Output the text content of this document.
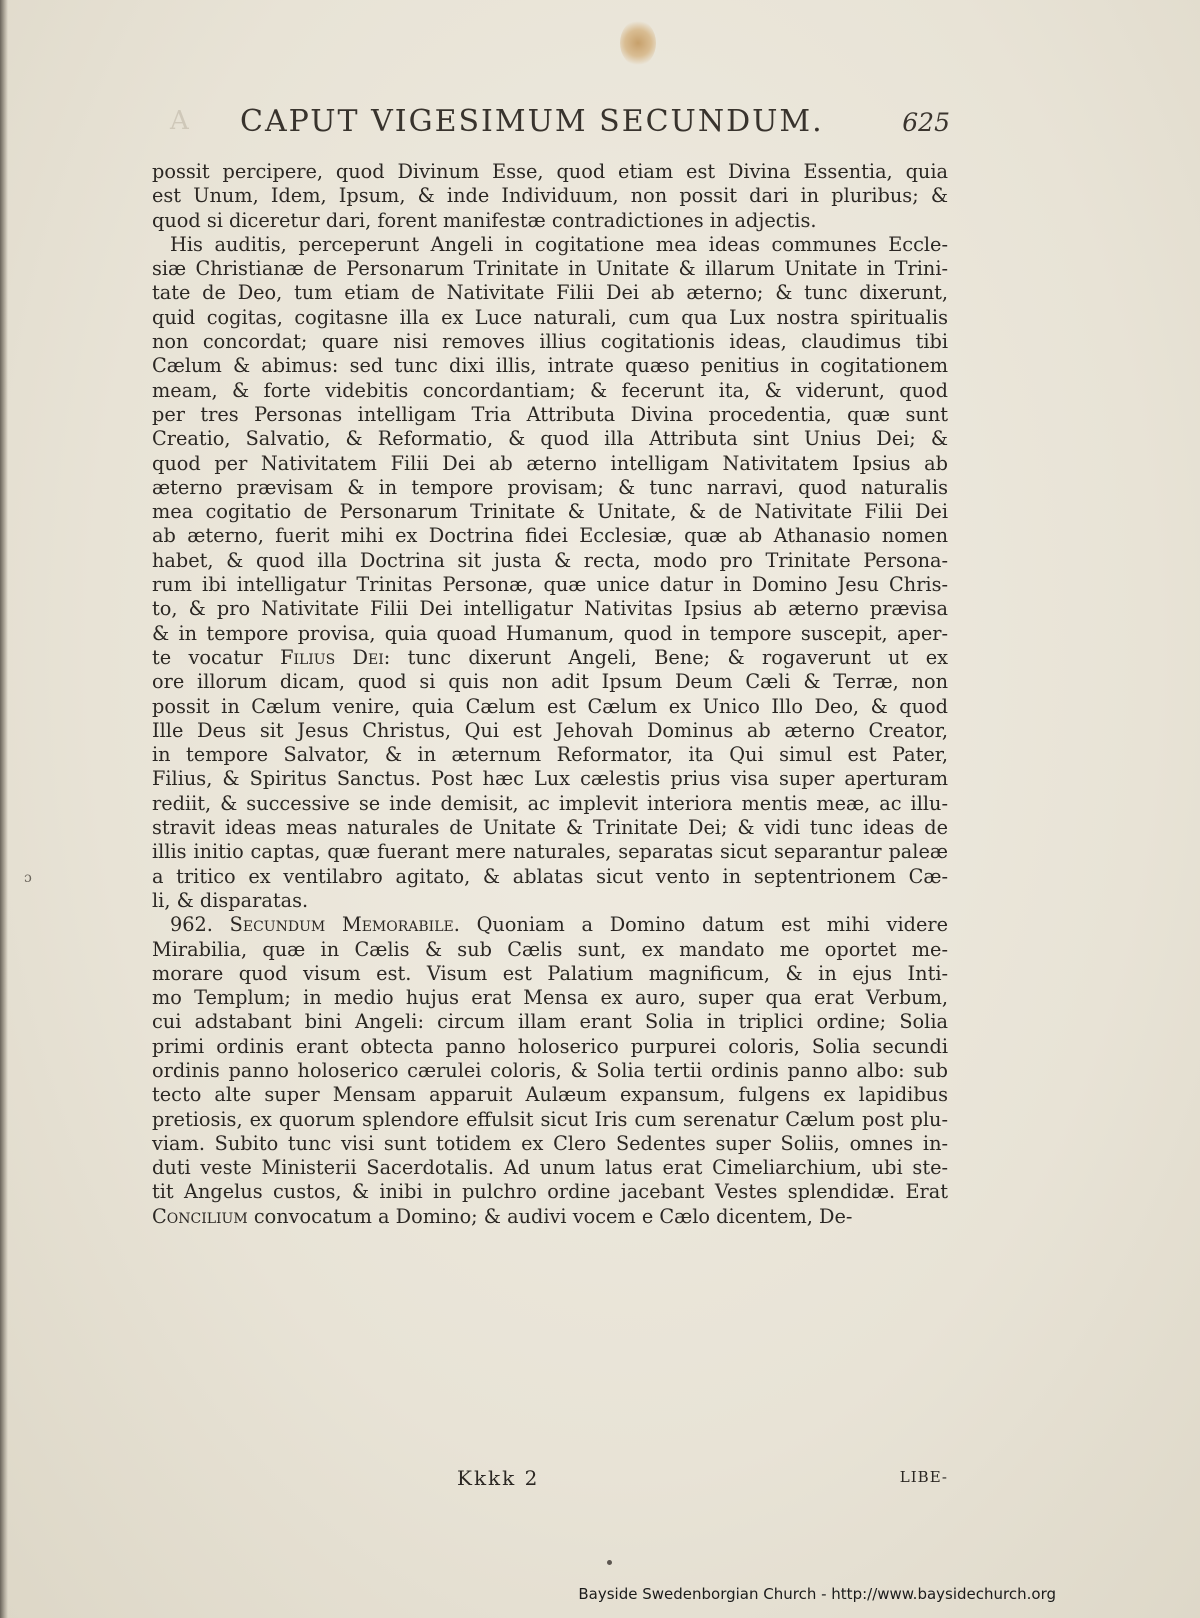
A CAPUT VIGESIMUM SECUNDUM.	625
possit percipere, quod Divinum Esse, quod etiam est Divina Essentia, quia
est Unum, Idem, Ipsum, & inde Individuum, non possit dari in pluribus; &
quod si diceretur dari, forent manifestæ contradictiones in adjectis.
His auditis, perceperunt Angeli in cogitatione mea ideas communes Eccle-
siæ Christianæ de Personarum Trinitate in Unitate & illarum Unitate in Trini-
tate de Deo, tum etiam de Nativitate Filii Dei ab æterno; & tunc dixerunt,
quid cogitas, cogitasne illa ex Luce naturali, cum qua Lux nostra spiritualis
non concordat; quare nisi removes illius cogitationis ideas, claudimus tibi
Cælum & abimus: sed tunc dixi illis, intrate quæso penitius in cogitationem
meam, & forte videbitis concordantiam; & fecerunt ita, & viderunt, quod
per tres Personas intelligam Tria Attributa Divina procedentia, quæ sunt
Creatio, Salvatio, & Reformatio, & quod illa Attributa sint Unius Dei; &
quod per Nativitatem Filii Dei ab æterno intelligam Nativitatem Ipsius ab
æterno prævisam & in tempore provisam; & tunc narravi, quod naturalis
mea cogitatio de Personarum Trinitate & Unitate, & de Nativitate Filii Dei
ab æterno, fuerit mihi ex Doctrina fidei Ecclesiæ, quæ ab Athanasio nomen
habet, & quod illa Doctrina sit justa & recta, modo pro Trinitate Persona-
rum ibi intelligatur Trinitas Personæ, quæ unice datur in Domino Jesu Chris-
to, & pro Nativitate Filii Dei intelligatur Nativitas Ipsius ab æterno prævisa
& in tempore provisa, quia quoad Humanum, quod in tempore suscepit, aper-
te vocatur Filius Dei: tunc dixerunt Angeli, Bene; & rogaverunt ut ex
ore illorum dicam, quod si quis non adit Ipsum Deum Cæli & Terræ, non
possit in Cælum venire, quia Cælum est Cælum ex Unico Illo Deo, & quod
Ille Deus sit Jesus Christus, Qui est Jehovah Dominus ab æterno Creator,
in tempore Salvator, & in æternum Reformator, ita Qui simul est Pater,
Filius, & Spiritus Sanctus. Post hæc Lux cælestis prius visa super aperturam
rediit, & successive se inde demisit, ac implevit interiora mentis meæ, ac illu-
stravit ideas meas naturales de Unitate & Trinitate Dei; & vidi tunc ideas de
illis initio captas, quæ fuerant mere naturales, separatas sicut separantur paleæ
a tritico ex ventilabro agitato, & ablatas sicut vento in septentrionem Cæ-
li, & disparatas.
962. Secundum Memorabile. Quoniam a Domino datum est mihi videre
Mirabilia, quæ in Cælis & sub Cælis sunt, ex mandato me oportet me-
morare quod visum est. Visum est Palatium magnificum, & in ejus Inti-
mo Templum; in medio hujus erat Mensa ex auro, super qua erat Verbum,
cui adstabant bini Angeli: circum illam erant Solia in triplici ordine; Solia
primi ordinis erant obtecta panno holoserico purpurei coloris, Solia secundi
ordinis panno holoserico cærulei coloris, & Solia tertii ordinis panno albo: sub
tecto alte super Mensam apparuit Aulæum expansum, fulgens ex lapidibus
pretiosis, ex quorum splendore effulsit sicut Iris cum serenatur Cælum post plu-
viam. Subito tunc visi sunt totidem ex Clero Sedentes super Soliis, omnes in-
duti veste Ministerii Sacerdotalis. Ad unum latus erat Cimeliarchium, ubi ste-
tit Angelus custos, & inibi in pulchro ordine jacebant Vestes splendidæ. Erat
Concilium convocatum a Domino; & audivi vocem e Cælo dicentem, De-
Kkkk 2	LIBE-
ɔ
Bayside Swedenborgian Church - http://www.baysidechurch.org
